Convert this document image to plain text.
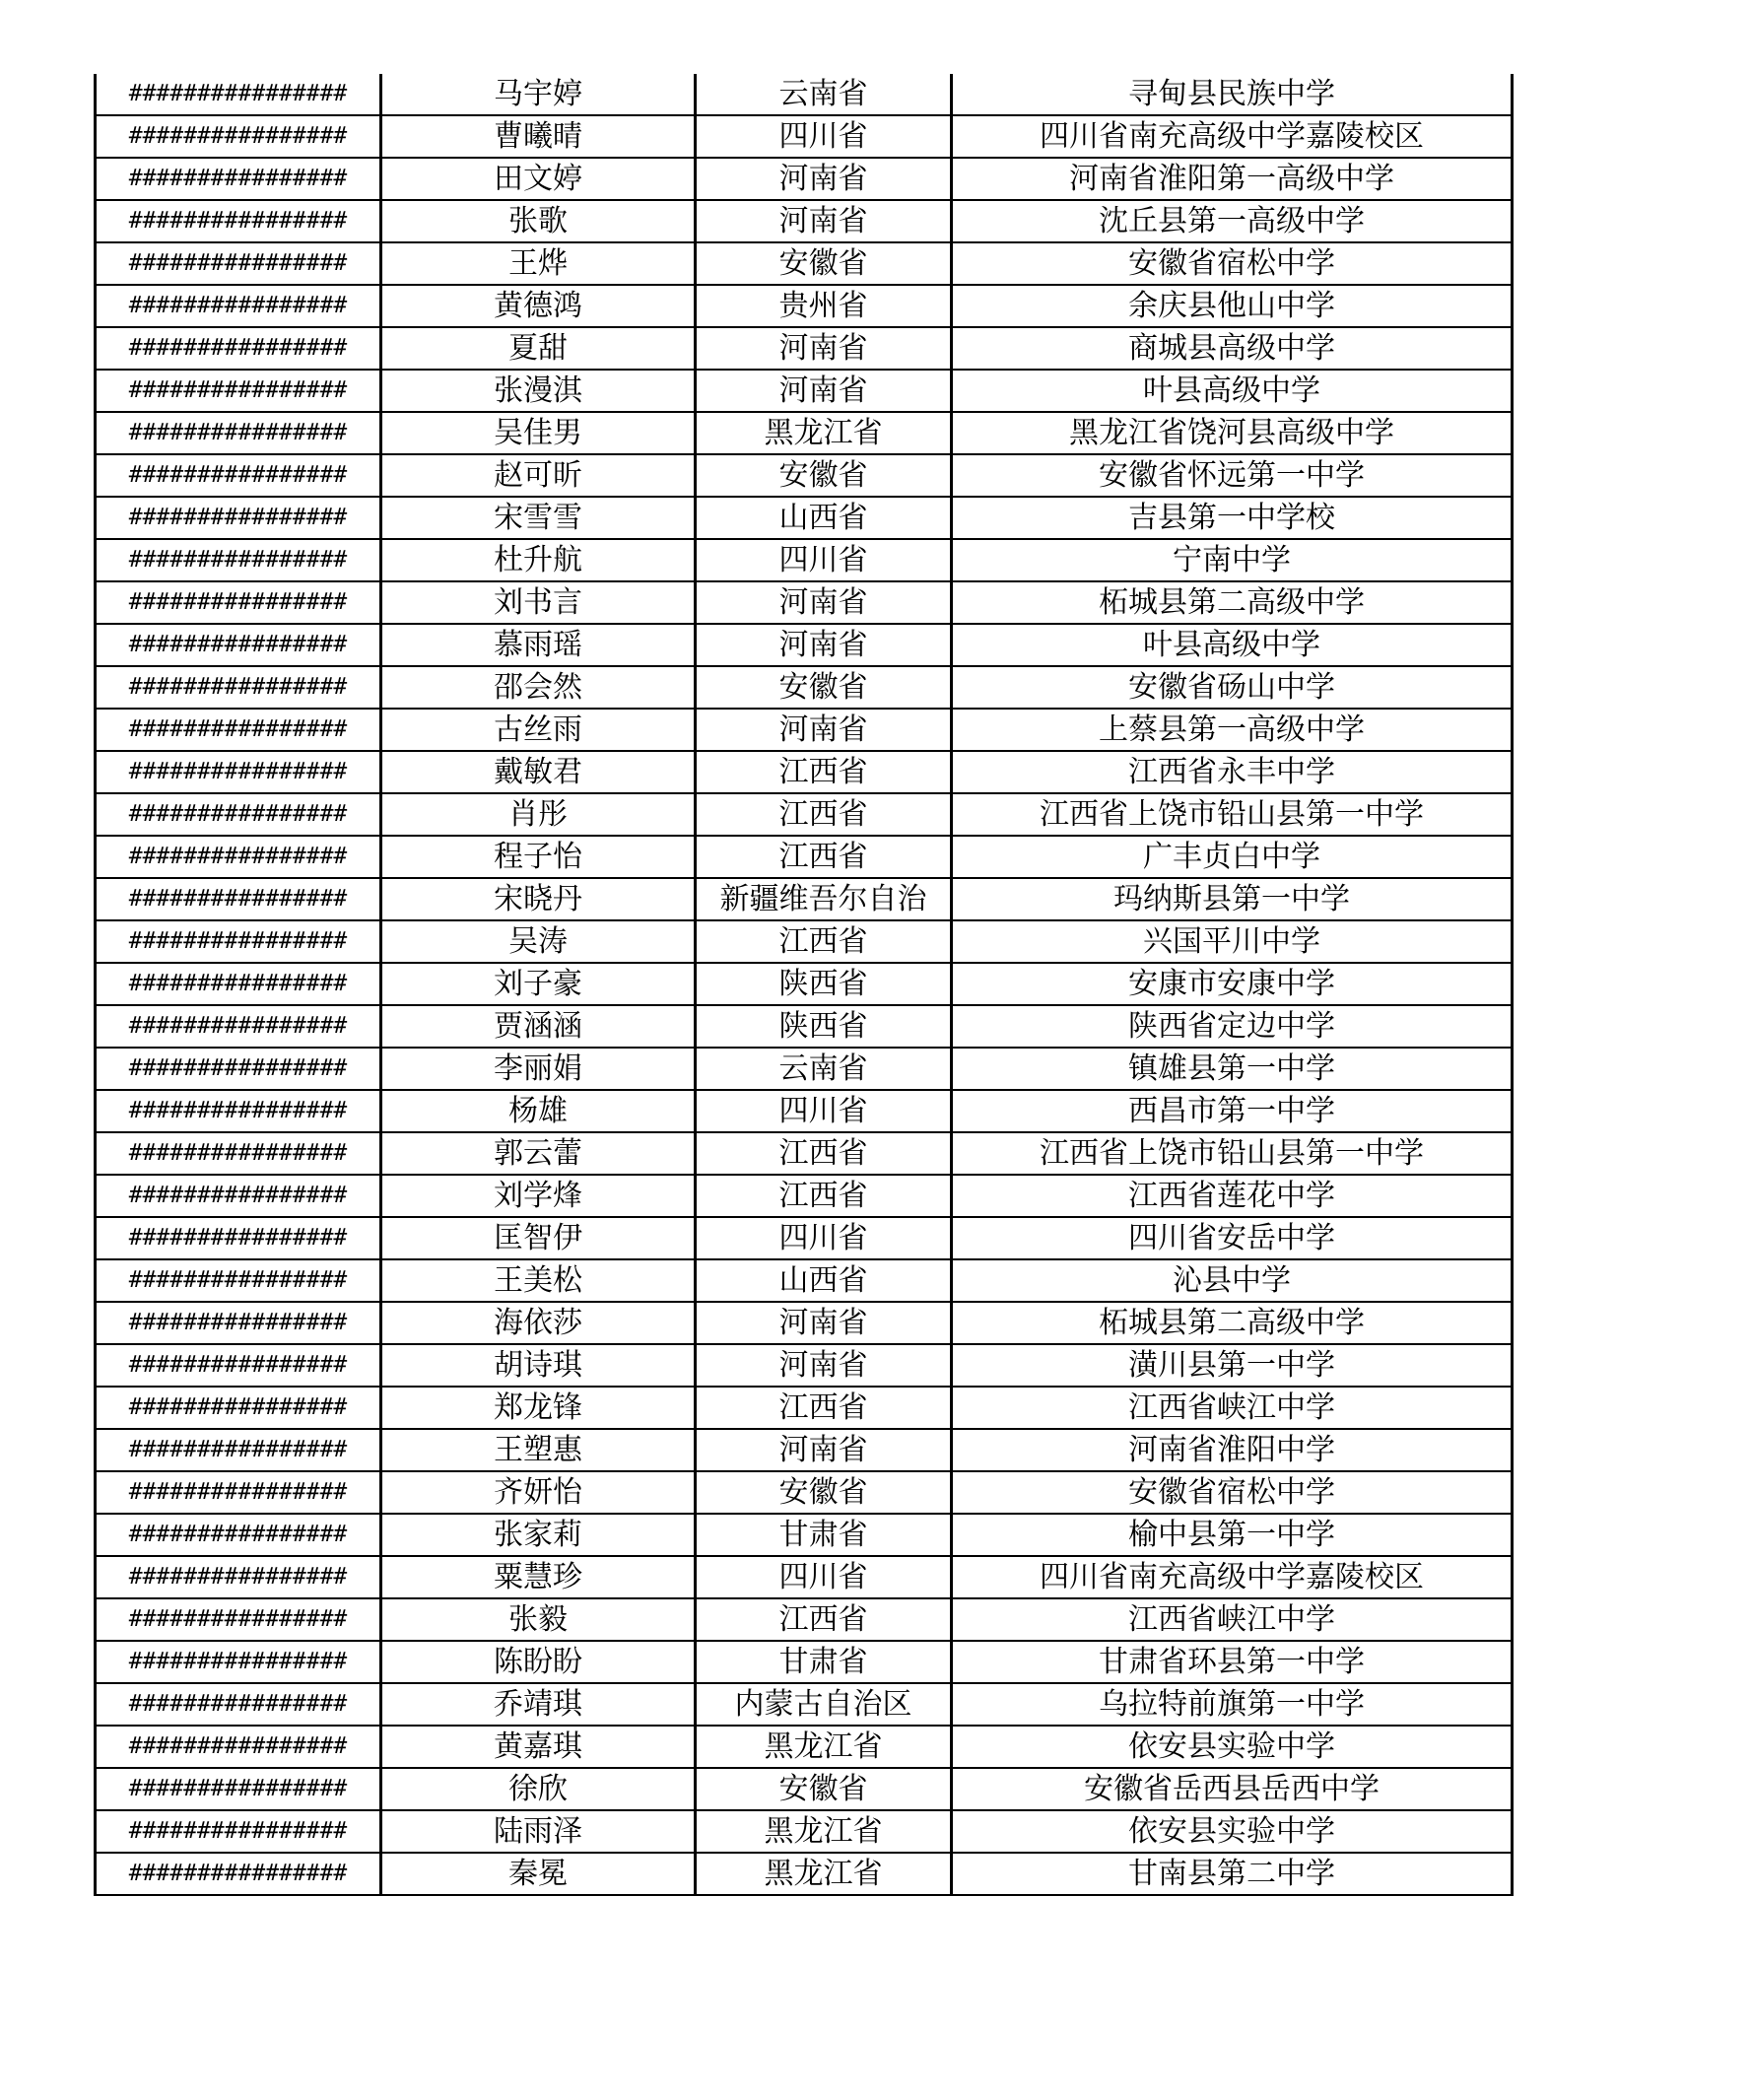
################	马宇婷	云南省	寻甸县民族中学
################	曹曦晴	四川省	四川省南充高级中学嘉陵校区
################	田文婷	河南省	河南省淮阳第一高级中学
################	张歌	河南省	沈丘县第一高级中学
################	王烨	安徽省	安徽省宿松中学
################	黄德鸿	贵州省	余庆县他山中学
################	夏甜	河南省	商城县高级中学
################	张漫淇	河南省	叶县高级中学
################	吴佳男	黑龙江省	黑龙江省饶河县高级中学
################	赵可昕	安徽省	安徽省怀远第一中学
################	宋雪雪	山西省	吉县第一中学校
################	杜升航	四川省	宁南中学
################	刘书言	河南省	柘城县第二高级中学
################	慕雨瑶	河南省	叶县高级中学
################	邵会然	安徽省	安徽省砀山中学
################	古丝雨	河南省	上蔡县第一高级中学
################	戴敏君	江西省	江西省永丰中学
################	肖彤	江西省	江西省上饶市铅山县第一中学
################	程子怡	江西省	广丰贞白中学
################	宋晓丹	新疆维吾尔自治	玛纳斯县第一中学
################	吴涛	江西省	兴国平川中学
################	刘子豪	陕西省	安康市安康中学
################	贾涵涵	陕西省	陕西省定边中学
################	李丽娟	云南省	镇雄县第一中学
################	杨雄	四川省	西昌市第一中学
################	郭云蕾	江西省	江西省上饶市铅山县第一中学
################	刘学烽	江西省	江西省莲花中学
################	匡智伊	四川省	四川省安岳中学
################	王美松	山西省	沁县中学
################	海依莎	河南省	柘城县第二高级中学
################	胡诗琪	河南省	潢川县第一中学
################	郑龙锋	江西省	江西省峡江中学
################	王塑惠	河南省	河南省淮阳中学
################	齐妍怡	安徽省	安徽省宿松中学
################	张家莉	甘肃省	榆中县第一中学
################	粟慧珍	四川省	四川省南充高级中学嘉陵校区
################	张毅	江西省	江西省峡江中学
################	陈盼盼	甘肃省	甘肃省环县第一中学
################	乔靖琪	内蒙古自治区	乌拉特前旗第一中学
################	黄嘉琪	黑龙江省	依安县实验中学
################	徐欣	安徽省	安徽省岳西县岳西中学
################	陆雨泽	黑龙江省	依安县实验中学
################	秦冕	黑龙江省	甘南县第二中学
